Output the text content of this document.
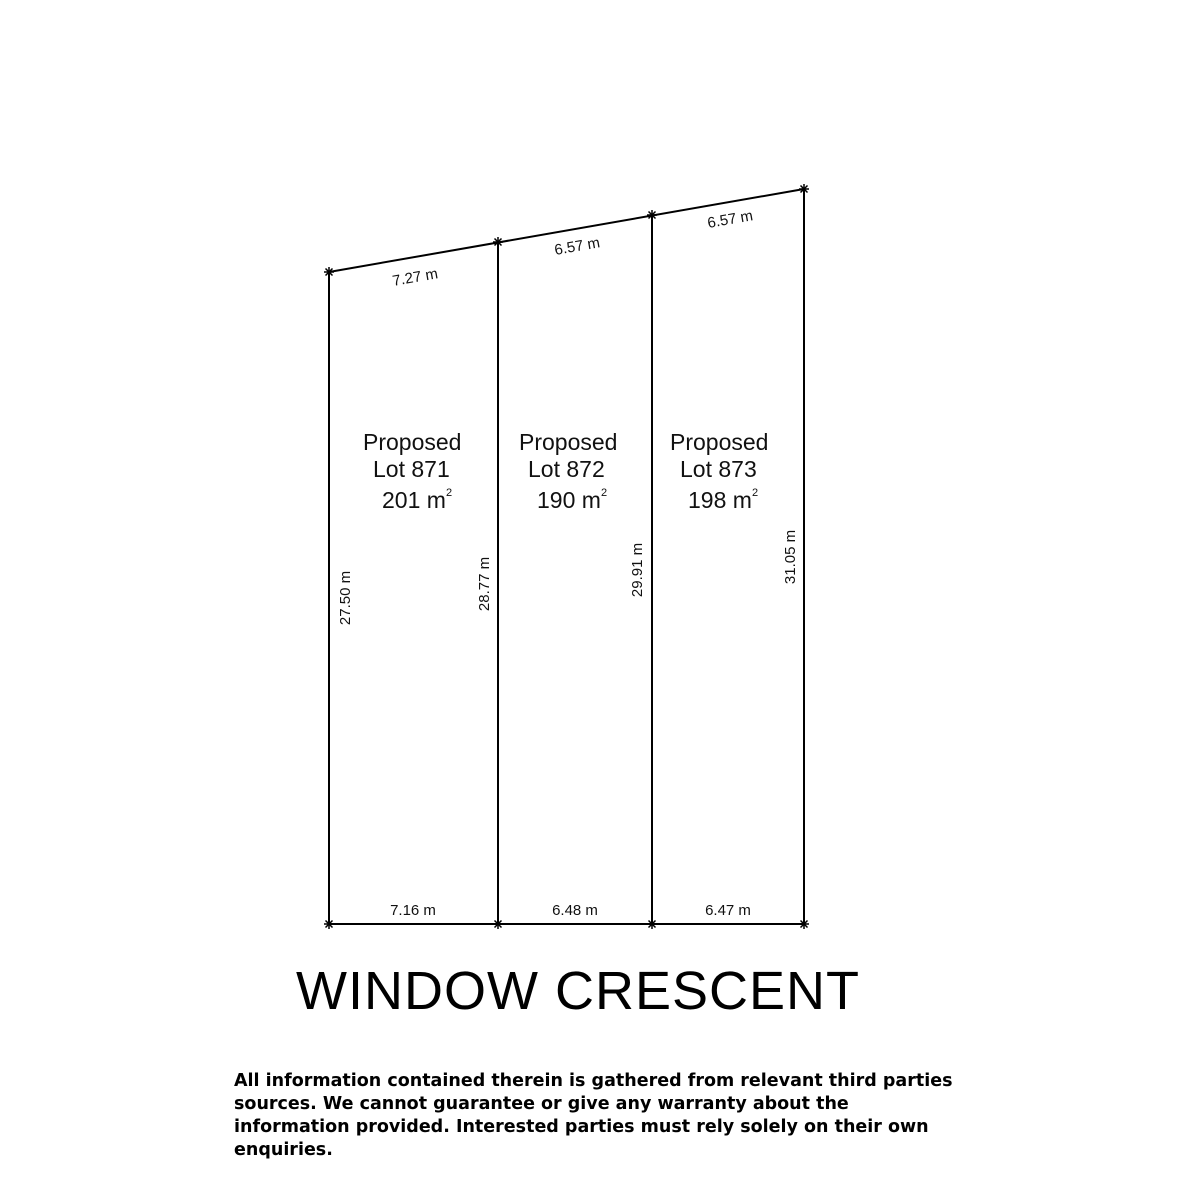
7.27 m
6.57 m
6.57 m
7.16 m	6.48 m	6.47 m
27.50 m	28.77 m	29.91 m	31.05 m
Proposed
Lot 871
201 $m^2$
Proposed
Lot 872
190 $m^2$
Proposed
Lot 873
198 $m^2$
WINDOW CRESCENT
All information contained therein is gathered from relevant third parties sources. We cannot guarantee or give any warranty about the information provided. Interested parties must rely solely on their own enquiries.
